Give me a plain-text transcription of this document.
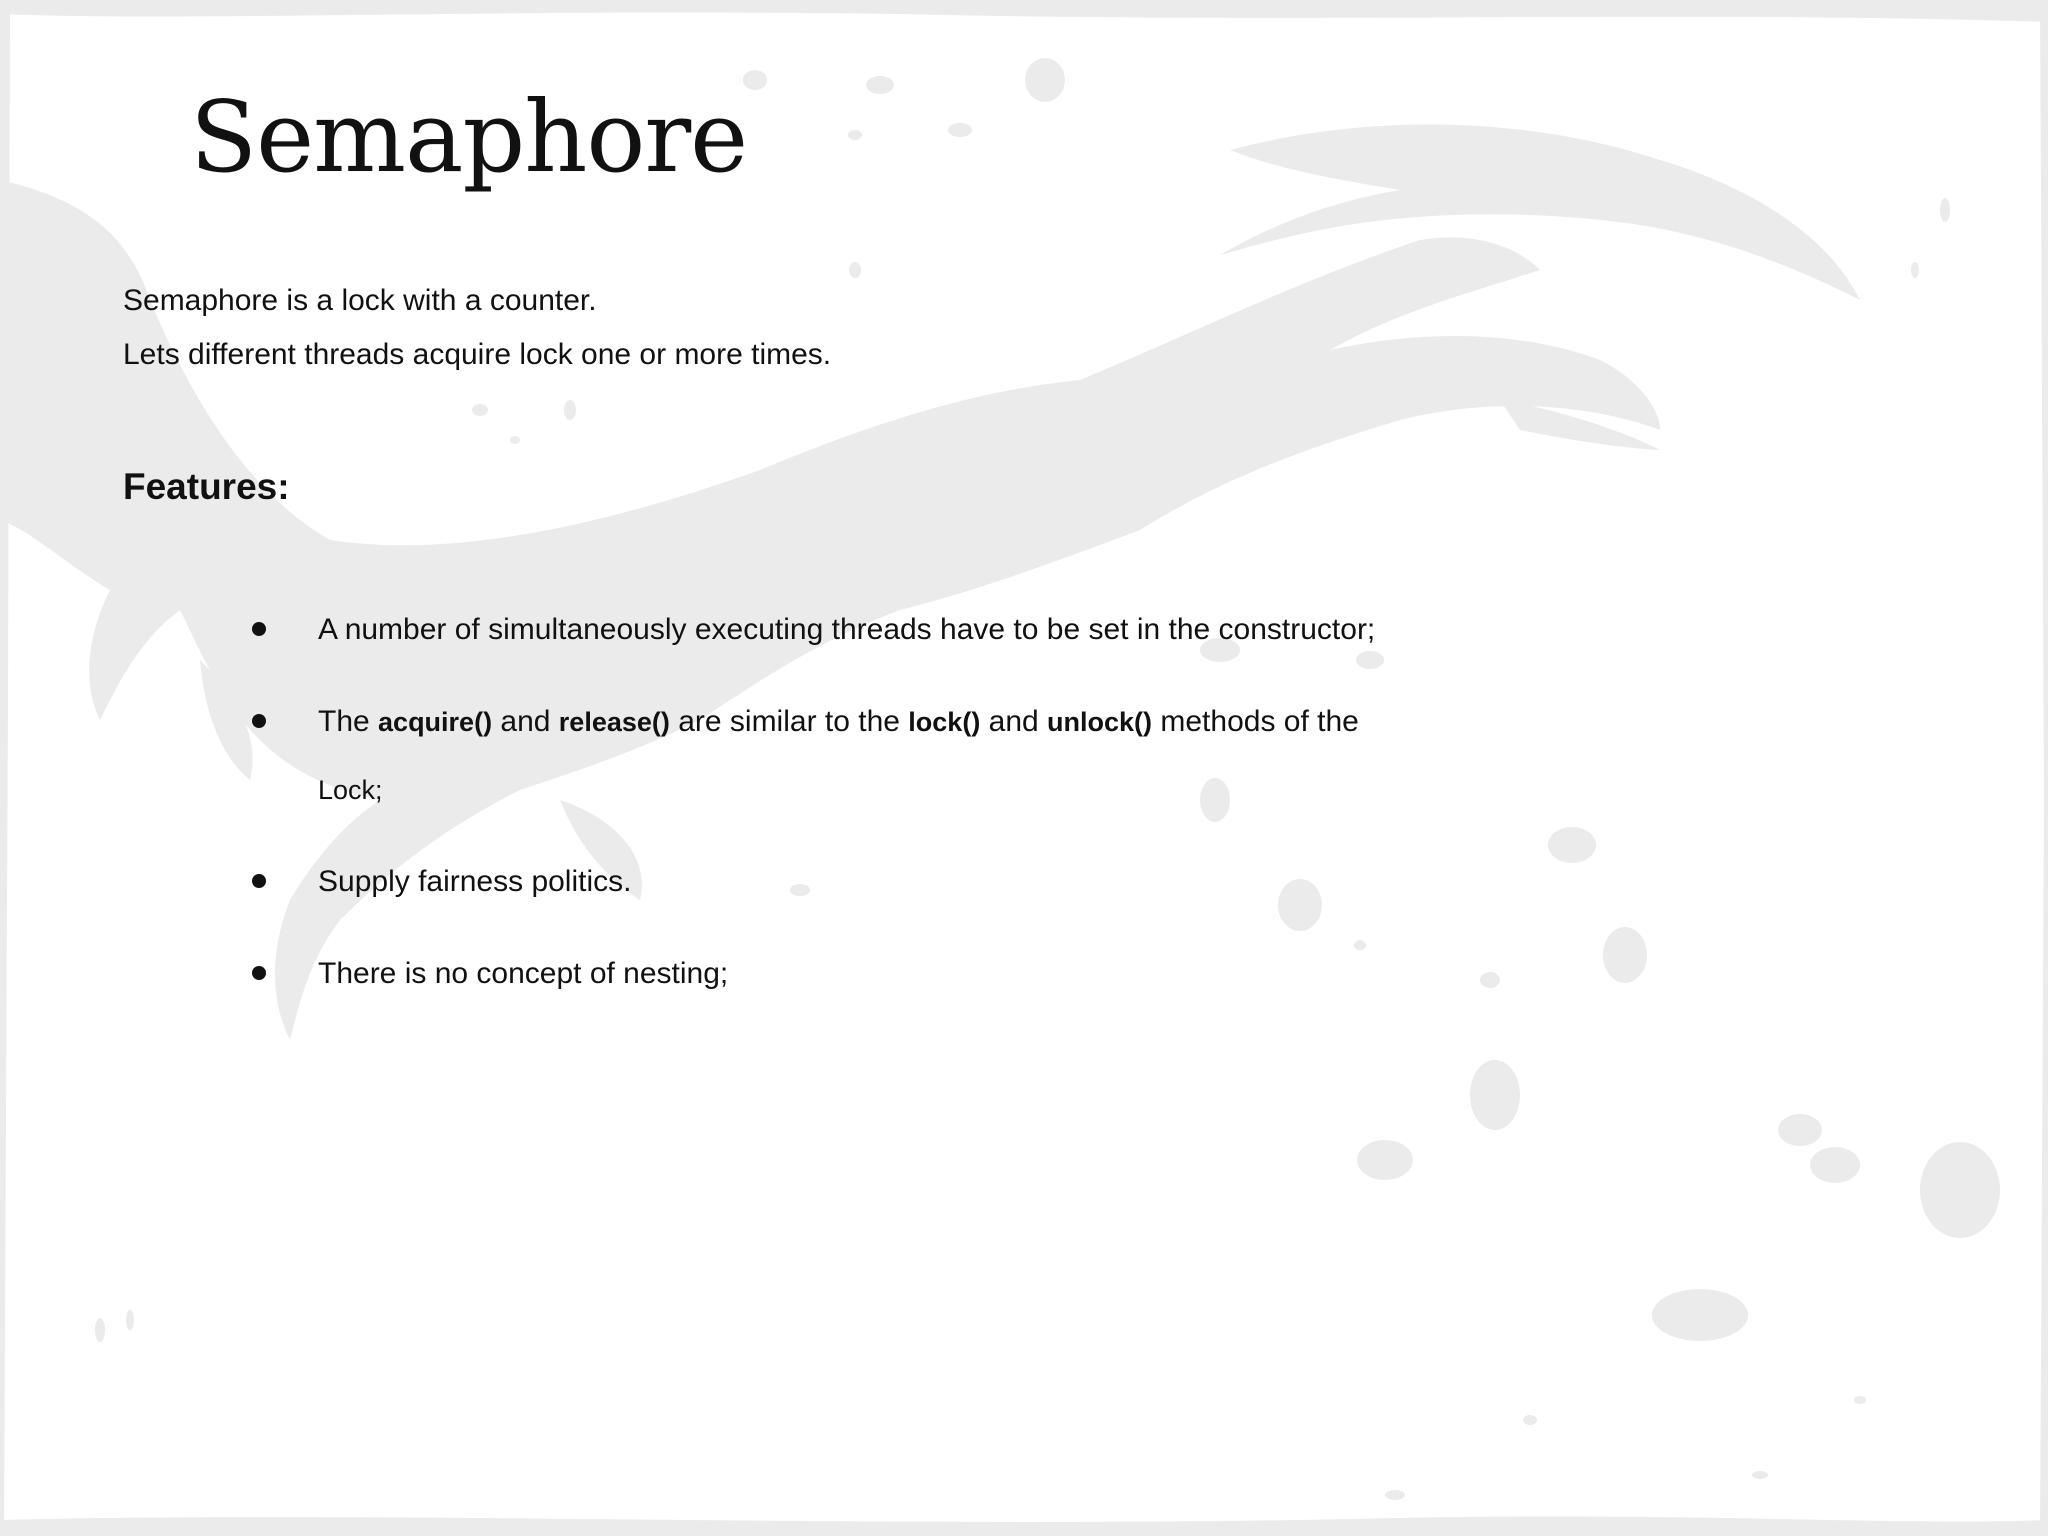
Semaphore

Semaphore is a lock with a counter.

Lets different threads acquire lock one or more times.

Features:
A number of simultaneously executing threads have to be set in the constructor;
The acquire() and release() are similar to the lock() and unlock() methods of the
Lock;
Supply fairness politics.
There is no concept of nesting;
